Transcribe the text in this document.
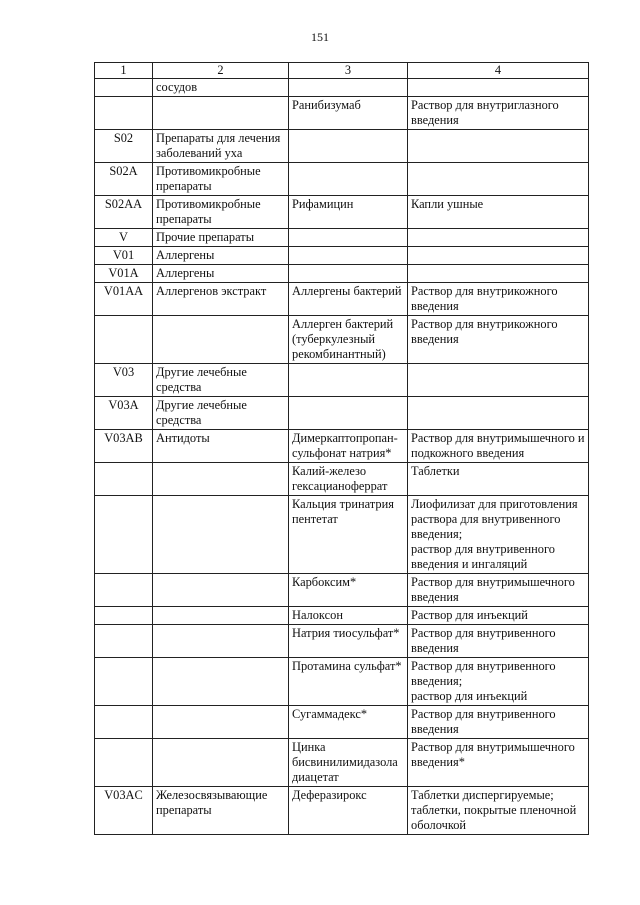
151
1	2	3	4
	сосудов		
		Ранибизумаб	Раствор для внутриглазного введения
S02	Препараты для лечения заболеваний уха		
S02A	Противомикробные препараты		
S02AA	Противомикробные препараты	Рифамицин	Капли ушные
V	Прочие препараты		
V01	Аллергены		
V01A	Аллергены		
V01AA	Аллергенов экстракт	Аллергены бактерий	Раствор для внутрикожного введения
		Аллерген бактерий (туберкулезный рекомбинантный)	Раствор для внутрикожного введения
V03	Другие лечебные средства		
V03A	Другие лечебные средства		
V03AB	Антидоты	Димеркаптопропан-сульфонат натрия*	Раствор для внутримышечного и подкожного введения
		Калий-железо гексацианоферрат	Таблетки
		Кальция тринатрия пентетат	Лиофилизат для приготовления раствора для внутривенного введения;
раствор для внутривенного введения и ингаляций
		Карбоксим*	Раствор для внутримышечного введения
		Налоксон	Раствор для инъекций
		Натрия тиосульфат*	Раствор для внутривенного введения
		Протамина сульфат*	Раствор для внутривенного введения;
раствор для инъекций
		Сугаммадекс*	Раствор для внутривенного введения
		Цинка бисвинилимидазола диацетат	Раствор для внутримышечного введения*
V03AC	Железосвязывающие препараты	Деферазирокс	Таблетки диспергируемые;
таблетки, покрытые пленочной оболочкой
